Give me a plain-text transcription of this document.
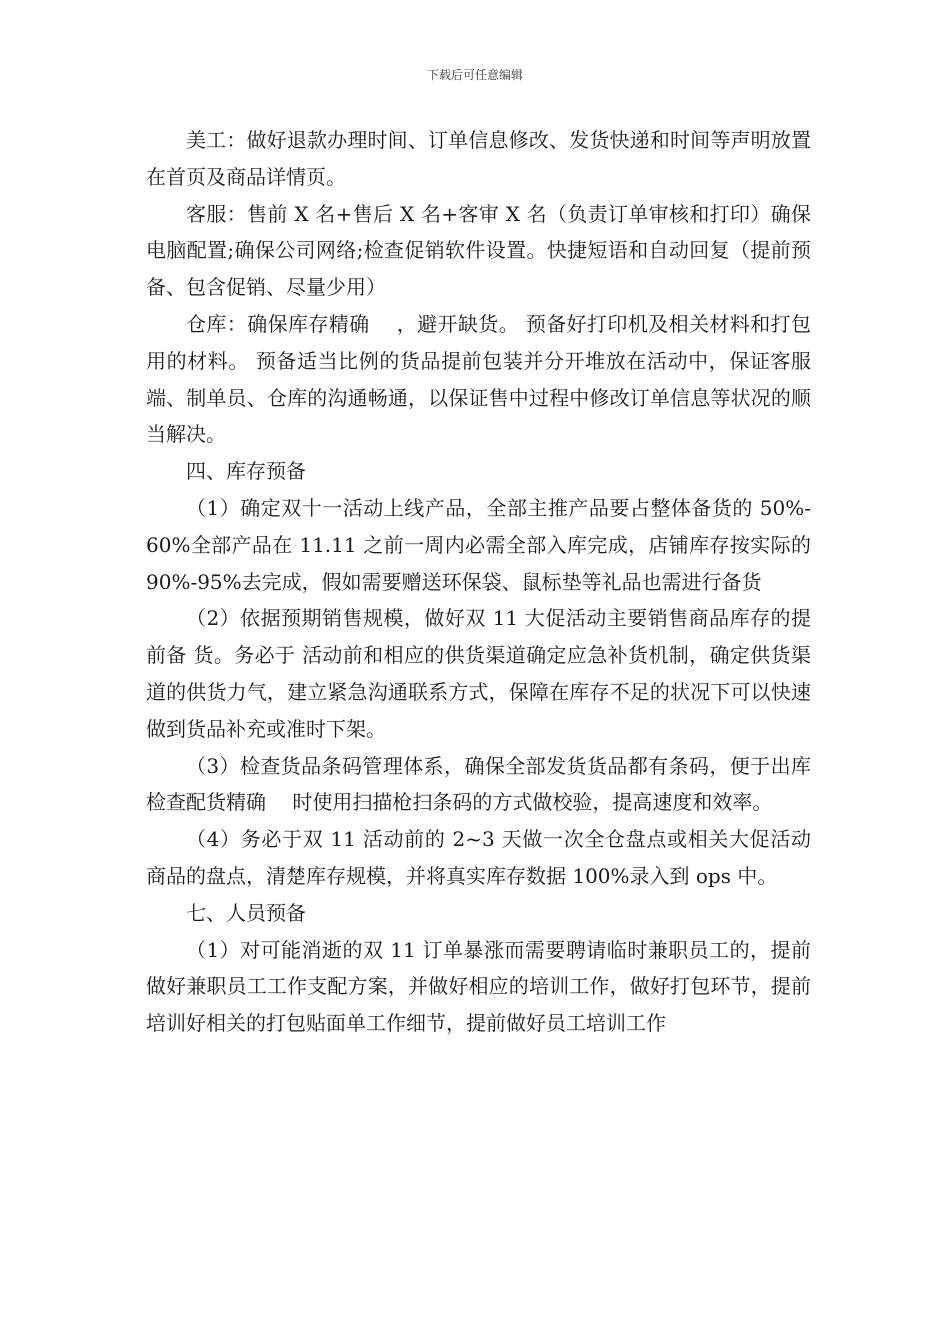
下载后可任意编辑

美工：做好退款办理时间、订单信息修改、发货快递和时间等声明放置在首页及商品详情页。

客服：售前 X 名+售后 X 名+客审 X 名（负责订单审核和打印）确保电脑配置;确保公司网络;检查促销软件设置。快捷短语和自动回复（提前预备、包含促销、尽量少用）

仓库：确保库存精确　 ，避开缺货。 预备好打印机及相关材料和打包用的材料。 预备适当比例的货品提前包装并分开堆放在活动中，保证客服端、制单员、仓库的沟通畅通，以保证售中过程中修改订单信息等状况的顺当解决。

四、库存预备

（1）确定双十一活动上线产品，全部主推产品要占整体备货的 50%- 60%全部产品在 11.11 之前一周内必需全部入库完成，店铺库存按实际的 90%-95%去完成，假如需要赠送环保袋、鼠标垫等礼品也需进行备货

（2）依据预期销售规模，做好双 11 大促活动主要销售商品库存的提前备 货。务必于 活动前和相应的供货渠道确定应急补货机制，确定供货渠道的供货力气，建立紧急沟通联系方式，保障在库存不足的状况下可以快速做到货品补充或准时下架。

（3）检查货品条码管理体系，确保全部发货货品都有条码，便于出库检查配货精确　 时使用扫描枪扫条码的方式做校验，提高速度和效率。

（4）务必于双 11 活动前的 2~3 天做一次全仓盘点或相关大促活动商品的盘点，清楚库存规模，并将真实库存数据 100%录入到 ops 中。

七、人员预备

（1）对可能消逝的双 11 订单暴涨而需要聘请临时兼职员工的，提前做好兼职员工工作支配方案，并做好相应的培训工作，做好打包环节，提前培训好相关的打包贴面单工作细节，提前做好员工培训工作
